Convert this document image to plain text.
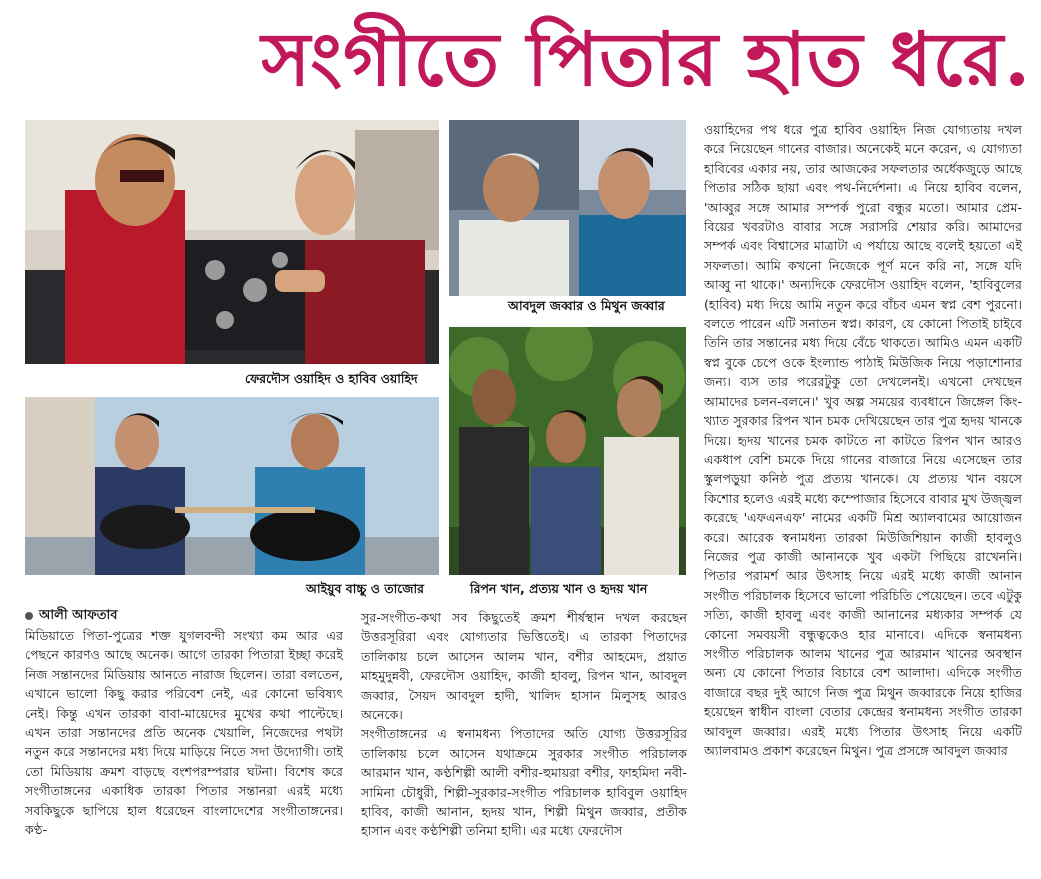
সংগীতে পিতার হাত ধরে.
ফেরদৌস ওয়াহিদ ও হাবিব ওয়াহিদ
আবদুল জব্বার ও মিথুন জব্বার
আইয়ুব বাচ্চু ও তাজোর	রিপন খান, প্রত্যয় খান ও হৃদয় খান
আলী আফতাব

মিডিয়াতে পিতা-পুত্রের শক্ত যুগলবন্দী সংখ্যা কম আর এর পেছনে কারণও আছে অনেক। আগে তারকা পিতারা ইচ্ছা করেই নিজ সন্তানদের মিডিয়ায় আনতে নারাজ ছিলেন। তারা বলতেন, এখানে ভালো কিছু করার পরিবেশ নেই, এর কোনো ভবিষ্যৎ নেই। কিন্তু এখন তারকা বাবা-মায়েদের মুখের কথা পাল্টেছে। এখন তারা সন্তানদের প্রতি অনেক খেয়ালি, নিজেদের পথটা নতুন করে সন্তানদের মধ্য দিয়ে মাড়িয়ে নিতে সদা উদ্যোগী। তাই তো মিডিয়ায় ক্রমশ বাড়ছে বংশপরম্পরার ঘটনা। বিশেষ করে সংগীতাঙ্গনের একাধিক তারকা পিতার সন্তানরা এরই মধ্যে সবকিছুকে ছাপিয়ে হাল ধরেছেন বাংলাদেশের সংগীতাঙ্গনের। কণ্ঠ-

সুর-সংগীত-কথা সব কিছুতেই ক্রমশ শীর্ষস্থান দখল করছেন উত্তরসূরিরা এবং যোগ্যতার ভিত্তিতেই। এ তারকা পিতাদের তালিকায় চলে আসেন আলম খান, বশীর আহমেদ, প্রয়াত মাহমুদুন্নবী, ফেরদৌস ওয়াহিদ, কাজী হাবলু, রিপন খান, আবদুল জব্বার, সৈয়দ আবদুল হাদী, খালিদ হাসান মিলুসহ আরও অনেকে।

সংগীতাঙ্গনের এ স্বনামধন্য পিতাদের অতি যোগ্য উত্তরসূরির তালিকায় চলে আসেন যথাক্রমে সুরকার সংগীত পরিচালক আরমান খান, কণ্ঠশিল্পী আলী বশীর-হুমায়রা বশীর, ফাহমিদা নবী-সামিনা চৌধুরী, শিল্পী-সুরকার-সংগীত পরিচালক হাবিবুল ওয়াহিদ হাবিব, কাজী আনান, হৃদয় খান, শিল্পী মিথুন জব্বার, প্রতীক হাসান এবং কণ্ঠশিল্পী তনিমা হাদী। এর মধ্যে ফেরদৌস

ওয়াহিদের পথ ধরে পুত্র হাবিব ওয়াহিদ নিজ যোগ্যতায় দখল করে নিয়েছেন গানের বাজার। অনেকেই মনে করেন, এ যোগ্যতা হাবিবের একার নয়, তার আজকের সফলতার অর্ধেকজুড়ে আছে পিতার সঠিক ছায়া এবং পথ-নির্দেশনা। এ নিয়ে হাবিব বলেন, 'আব্বুর সঙ্গে আমার সম্পর্ক পুরো বন্ধুর মতো। আমার প্রেম-বিয়ের খবরটাও বাবার সঙ্গে সরাসরি শেয়ার করি। আমাদের সম্পর্ক এবং বিশ্বাসের মাত্রাটা এ পর্যায়ে আছে বলেই হয়তো এই সফলতা। আমি কখনো নিজেকে পূর্ণ মনে করি না, সঙ্গে যদি আব্বু না থাকে।' অন্যদিকে ফেরদৌস ওয়াহিদ বলেন, 'হাবিবুলের (হাবিব) মধ্য দিয়ে আমি নতুন করে বাঁচব এমন স্বপ্ন বেশ পুরনো। বলতে পারেন এটি সনাতন স্বপ্ন। কারণ, যে কোনো পিতাই চাইবে তিনি তার সন্তানের মধ্য দিয়ে বেঁচে থাকতে। আমিও এমন একটি স্বপ্ন বুকে চেপে ওকে ইংল্যান্ড পাঠাই মিউজিক নিয়ে পড়াশোনার জন্য। ব্যস তার পরেরটুকু তো দেখলেনই। এখনো দেখছেন আমাদের চলন-বলনে।' খুব অল্প সময়ের ব্যবধানে জিঙ্গেল কিং-খ্যাত সুরকার রিপন খান চমক দেখিয়েছেন তার পুত্র হৃদয় খানকে দিয়ে। হৃদয় খানের চমক কাটতে না কাটতে রিপন খান আরও একধাপ বেশি চমকে দিয়ে গানের বাজারে নিয়ে এসেছেন তার স্কুলপড়ুয়া কনিষ্ঠ পুত্র প্রত্যয় খানকে। যে প্রত্যয় খান বয়সে কিশোর হলেও এরই মধ্যে কম্পোজার হিসেবে বাবার মুখ উজ্জ্বল করেছে 'এফএনএফ' নামের একটি মিশ্র অ্যালবামের আয়োজন করে। আরেক স্বনামধন্য তারকা মিউজিশিয়ান কাজী হাবলুও নিজের পুত্র কাজী আনানকে খুব একটা পিছিয়ে রাখেননি। পিতার পরামর্শ আর উৎসাহ নিয়ে এরই মধ্যে কাজী আনান সংগীত পরিচালক হিসেবে ভালো পরিচিতি পেয়েছেন। তবে এটুকু সত্যি, কাজী হাবলু এবং কাজী আনানের মধ্যকার সম্পর্ক যে কোনো সমবয়সী বন্ধুত্বকেও হার মানাবে। এদিকে স্বনামধন্য সংগীত পরিচালক আলম খানের পুত্র আরমান খানের অবস্থান অন্য যে কোনো পিতার বিচারে বেশ আলাদা। এদিকে সংগীত বাজারে বছর দুই আগে নিজ পুত্র মিথুন জব্বারকে নিয়ে হাজির হয়েছেন স্বাধীন বাংলা বেতার কেন্দ্রের স্বনামধন্য সংগীত তারকা আবদুল জব্বার। এরই মধ্যে পিতার উৎসাহ নিয়ে একটি অ্যালবামও প্রকাশ করেছেন মিথুন। পুত্র প্রসঙ্গে আবদুল জব্বার
